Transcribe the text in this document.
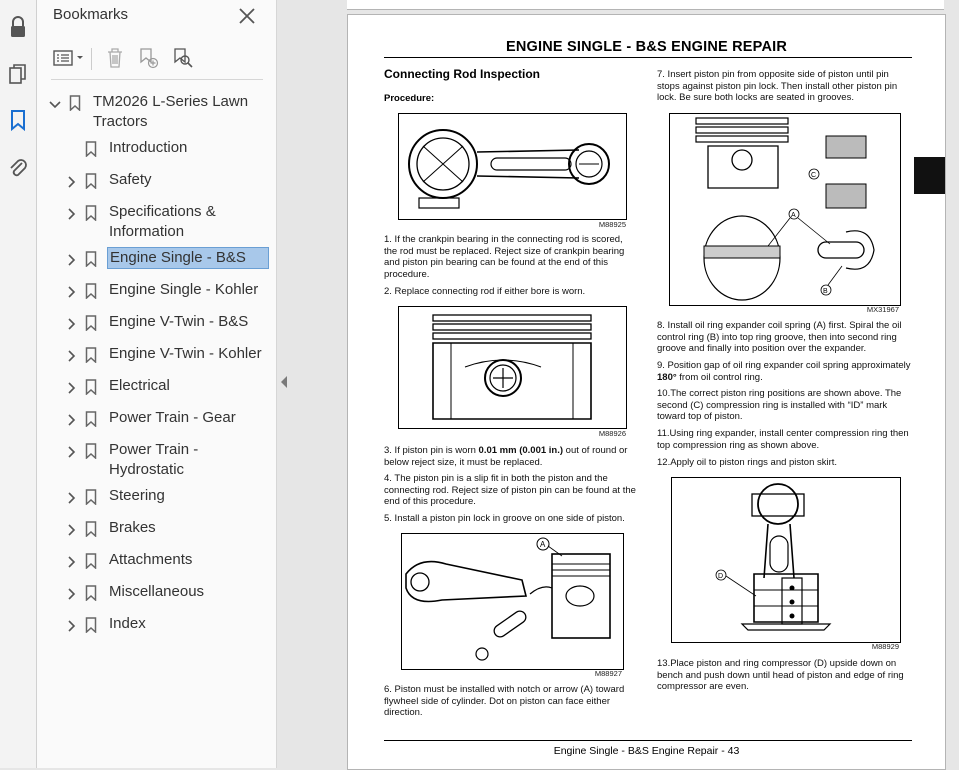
Bookmarks
TM2026 L-Series Lawn
Tractors
Introduction
Safety
Specifications &
Information
Engine Single - B&S
Engine Single - Kohler
Engine V-Twin - B&S
Engine V-Twin - Kohler
Electrical
Power Train - Gear
Power Train -
Hydrostatic
Steering
Brakes
Attachments
Miscellaneous
Index
ENGINE SINGLE - B&S ENGINE REPAIR
Connecting Rod Inspection
Procedure:
M88925
1. If the crankpin bearing in the connecting rod is scored, the rod must be replaced. Reject size of crankpin bearing and piston pin bearing can be found at the end of this procedure.
2. Replace connecting rod if either bore is worn.
M88926
3. If piston pin is worn 0.01 mm (0.001 in.) out of round or below reject size, it must be replaced.
4. The piston pin is a slip fit in both the piston and the connecting rod. Reject size of piston pin can be found at the end of this procedure.
5. Install a piston pin lock in groove on one side of piston.
A
M88927
6. Piston must be installed with notch or arrow (A) toward flywheel side of cylinder. Dot on piston can face either direction.
7. Insert piston pin from opposite side of piston until pin stops against piston pin lock. Then install other piston pin lock. Be sure both locks are seated in grooves.
C
A
B
MX31967
8. Install oil ring expander coil spring (A) first. Spiral the oil control ring (B) into top ring groove, then into second ring groove and finally into position over the expander.
9. Position gap of oil ring expander coil spring approximately 180° from oil control ring.
10.The correct piston ring positions are shown above. The second (C) compression ring is installed with “ID” mark toward top of piston.
11.Using ring expander, install center compression ring then top compression ring as shown above.
12.Apply oil to piston rings and piston skirt.
D
M88929
13.Place piston and ring compressor (D) upside down on bench and push down until head of piston and edge of ring compressor are even.
Engine Single - B&S Engine Repair - 43
